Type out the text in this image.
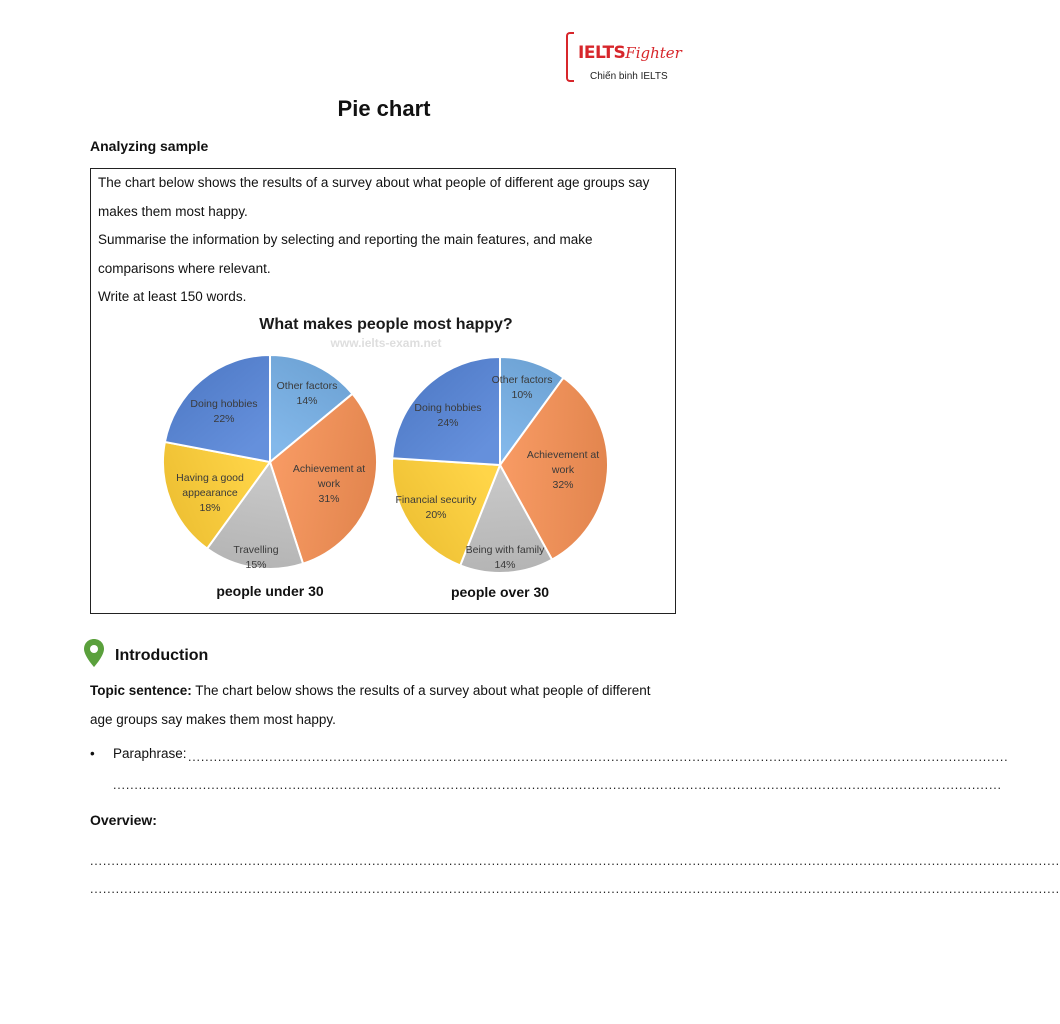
IELTSFighter
Chiến binh IELTS
Pie chart
Analyzing sample

The chart below shows the results of a survey about what people of different age groups say

makes them most happy.

Summarise the information by selecting and reporting the main features, and make

comparisons where relevant.

Write at least 150 words.

What makes people most happy?
www.ielts-exam.net
Other factors 14%
Achievement at work 31%
Travelling 15%
Having a good appearance 18%
Doing hobbies 22%
people under 30
Other factors 10%
Achievement at work 32%
Being with family 14%
Financial security 20%
Doing hobbies 24%
people over 30
Introduction
Topic sentence: The chart below shows the results of a survey about what people of different
age groups say makes them most happy.
• Paraphrase: ................................................................................................................................................................................................
................................................................................................................................................................................................................
Overview:
...................................................................................................................................................................................................................................
...................................................................................................................................................................................................................................
